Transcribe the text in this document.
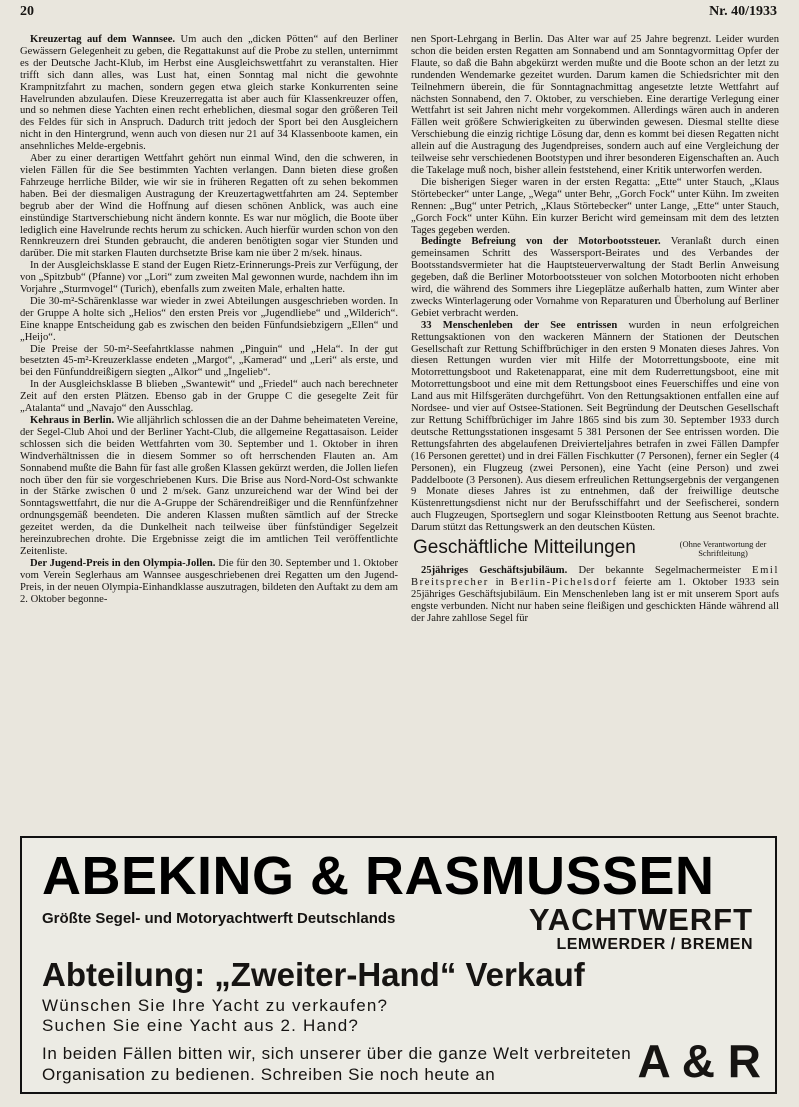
20	Nr. 40/1933

Kreuzertag auf dem Wannsee. Um auch den „dicken Pötten“ auf den Berliner Gewässern Gelegenheit zu geben, die Regattakunst auf die Probe zu stellen, unternimmt es der Deutsche Jacht-Klub, im Herbst eine Ausgleichswettfahrt zu veranstalten. Hier trifft sich dann alles, was Lust hat, einen Sonntag mal nicht die gewohnte Krampnitzfahrt zu machen, sondern gegen etwa gleich starke Konkurrenten seine Havelrunden abzulaufen. Diese Kreuzerregatta ist aber auch für Klassenkreuzer offen, und so nehmen diese Yachten einen recht erheblichen, diesmal sogar den größeren Teil des Feldes für sich in Anspruch. Dadurch tritt jedoch der Sport bei den Ausgleichern nicht in den Hintergrund, wenn auch von diesen nur 21 auf 34 Klassenboote kamen, ein ansehnliches Melde-ergebnis.

Aber zu einer derartigen Wettfahrt gehört nun einmal Wind, den die schweren, in vielen Fällen für die See bestimmten Yachten verlangen. Dann bieten diese großen Fahrzeuge herrliche Bilder, wie wir sie in früheren Regatten oft zu sehen bekommen haben. Bei der diesmaligen Austragung der Kreuzertagwettfahrten am 24. September begrub aber der Wind die Hoffnung auf diesen schönen Anblick, was auch eine einstündige Startverschiebung nicht ändern konnte. Es war nur möglich, die Boote über lediglich eine Havelrunde rechts herum zu schicken. Auch hierfür wurden schon von den Rennkreuzern drei Stunden gebraucht, die anderen benötigten sogar vier Stunden und darüber. Die mit starken Flauten durchsetzte Brise kam nie über 2 m/sek. hinaus.

In der Ausgleichsklasse E stand der Eugen Rietz-Erinnerungs-Preis zur Verfügung, der von „Spitzbub“ (Pfanne) vor „Lori“ zum zweiten Mal gewonnen wurde, nachdem ihn im Vorjahre „Sturmvogel“ (Turich), ebenfalls zum zweiten Male, erhalten hatte.

Die 30-m²-Schärenklasse war wieder in zwei Abteilungen ausgeschrieben worden. In der Gruppe A holte sich „Helios“ den ersten Preis vor „Jugendliebe“ und „Wilderich“. Eine knappe Entscheidung gab es zwischen den beiden Fünfundsiebzigern „Ellen“ und „Heijo“.

Die Preise der 50-m²-Seefahrtklasse nahmen „Pinguin“ und „Hela“. In der gut besetzten 45-m²-Kreuzerklasse endeten „Margot“, „Kamerad“ und „Leri“ als erste, und bei den Fünfunddreißigern siegten „Alkor“ und „Ingelieb“.

In der Ausgleichsklasse B blieben „Swantewit“ und „Friedel“ auch nach berechneter Zeit auf den ersten Plätzen. Ebenso gab in der Gruppe C die gesegelte Zeit für „Atalanta“ und „Navajo“ den Ausschlag.

Kehraus in Berlin. Wie alljährlich schlossen die an der Dahme beheimateten Vereine, der Segel-Club Ahoi und der Berliner Yacht-Club, die allgemeine Regattasaison. Leider schlossen sich die beiden Wettfahrten vom 30. September und 1. Oktober in ihren Windverhältnissen die in diesem Sommer so oft herrschenden Flauten an. Am Sonnabend mußte die Bahn für fast alle großen Klassen gekürzt werden, die Jollen liefen noch über den für sie vorgeschriebenen Kurs. Die Brise aus Nord-Nord-Ost schwankte in der Stärke zwischen 0 und 2 m/sek. Ganz unzureichend war der Wind bei der Sonntagswettfahrt, die nur die A-Gruppe der Schärendreißiger und die Rennfünfzehner ordnungsgemäß beendeten. Die anderen Klassen mußten sämtlich auf der Strecke gezeitet werden, da die Dunkelheit nach teilweise über fünfstündiger Segelzeit hereinzubrechen drohte. Die Ergebnisse zeigt die im amtlichen Teil veröffentlichte Zeitenliste.

Der Jugend-Preis in den Olympia-Jollen. Die für den 30. September und 1. Oktober vom Verein Seglerhaus am Wannsee ausgeschriebenen drei Regatten um den Jugend-Preis, in der neuen Olympia-Einhandklasse auszutragen, bildeten den Auftakt zu dem am 2. Oktober begonne-

nen Sport-Lehrgang in Berlin. Das Alter war auf 25 Jahre begrenzt. Leider wurden schon die beiden ersten Regatten am Sonnabend und am Sonntagvormittag Opfer der Flaute, so daß die Bahn abgekürzt werden mußte und die Boote schon an der letzt zu rundenden Wendemarke gezeitet wurden. Darum kamen die Schiedsrichter mit den Teilnehmern überein, die für Sonntagnachmittag angesetzte letzte Wettfahrt auf nächsten Sonnabend, den 7. Oktober, zu verschieben. Eine derartige Verlegung einer Wettfahrt ist seit Jahren nicht mehr vorgekommen. Allerdings wären auch in anderen Fällen weit größere Schwierigkeiten zu überwinden gewesen. Diesmal stellte diese Verschiebung die einzig richtige Lösung dar, denn es kommt bei diesen Regatten nicht allein auf die Austragung des Jugendpreises, sondern auch auf eine Vergleichung der teilweise sehr verschiedenen Bootstypen und ihrer besonderen Eigenschaften an. Auch die Takelage muß noch, bisher allein feststehend, einer Kritik unterworfen werden.

Die bisherigen Sieger waren in der ersten Regatta: „Ette“ unter Stauch, „Klaus Störtebecker“ unter Lange, „Wega“ unter Behr, „Gorch Fock“ unter Kühn. Im zweiten Rennen: „Bug“ unter Petrich, „Klaus Störtebecker“ unter Lange, „Ette“ unter Stauch, „Gorch Fock“ unter Kühn. Ein kurzer Bericht wird gemeinsam mit dem des letzten Tages gegeben werden.

Bedingte Befreiung von der Motorbootssteuer. Veranlaßt durch einen gemeinsamen Schritt des Wassersport-Beirates und des Verbandes der Bootsstandsvermieter hat die Hauptsteuerverwaltung der Stadt Berlin Anweisung gegeben, daß die Berliner Motorbootssteuer von solchen Motorbooten nicht erhoben wird, die während des Sommers ihre Liegeplätze außerhalb hatten, zum Winter aber zwecks Winterlagerung oder Vornahme von Reparaturen und Überholung auf Berliner Gebiet verbracht werden.

33 Menschenleben der See entrissen wurden in neun erfolgreichen Rettungsaktionen von den wackeren Männern der Stationen der Deutschen Gesellschaft zur Rettung Schiffbrüchiger in den ersten 9 Monaten dieses Jahres. Von diesen Rettungen wurden vier mit Hilfe der Motorrettungsboote, eine mit Motorrettungsboot und Raketenapparat, eine mit dem Ruderrettungsboot, eine mit Motorrettungsboot und eine mit dem Rettungsboot eines Feuerschiffes und eine von Land aus mit Hilfsgeräten durchgeführt. Von den Rettungsaktionen entfallen eine auf Nordsee- und vier auf Ostsee-Stationen. Seit Begründung der Deutschen Gesellschaft zur Rettung Schiffbrüchiger im Jahre 1865 sind bis zum 30. September 1933 durch deutsche Rettungsstationen insgesamt 5 381 Personen der See entrissen worden. Die Rettungsfahrten des abgelaufenen Dreivierteljahres betrafen in zwei Fällen Dampfer (16 Personen gerettet) und in drei Fällen Fischkutter (7 Personen), ferner ein Segler (4 Personen), ein Flugzeug (zwei Personen), eine Yacht (eine Person) und zwei Paddelboote (3 Personen). Aus diesem erfreulichen Rettungsergebnis der vergangenen 9 Monate dieses Jahres ist zu entnehmen, daß der freiwillige deutsche Küstenrettungsdienst nicht nur der Berufsschiffahrt und der Seefischerei, sondern auch Flugzeugen, Sportseglern und sogar Kleinstbooten Rettung aus Seenot brachte. Darum stützt das Rettungswerk an den deutschen Küsten.

Geschäftliche Mitteilungen	(Ohne Verantwortung der Schriftleitung)

25jähriges Geschäftsjubiläum. Der bekannte Segelmachermeister Emil Breitsprecher in Berlin-Pichelsdorf feierte am 1. Oktober 1933 sein 25jähriges Geschäftsjubiläum. Ein Menschenleben lang ist er mit unserem Sport aufs engste verbunden. Nicht nur haben seine fleißigen und geschickten Hände während all der Jahre zahllose Segel für

ABEKING & RASMUSSEN
Größte Segel- und Motoryachtwerft Deutschlands	YACHTWERFT
LEMWERDER / BREMEN
Abteilung: „Zweiter-Hand“ Verkauf
Wünschen Sie Ihre Yacht zu verkaufen?
Suchen Sie eine Yacht aus 2. Hand?
In beiden Fällen bitten wir, sich unserer über die ganze Welt verbreiteten Organisation zu bedienen. Schreiben Sie noch heute an	A & R
